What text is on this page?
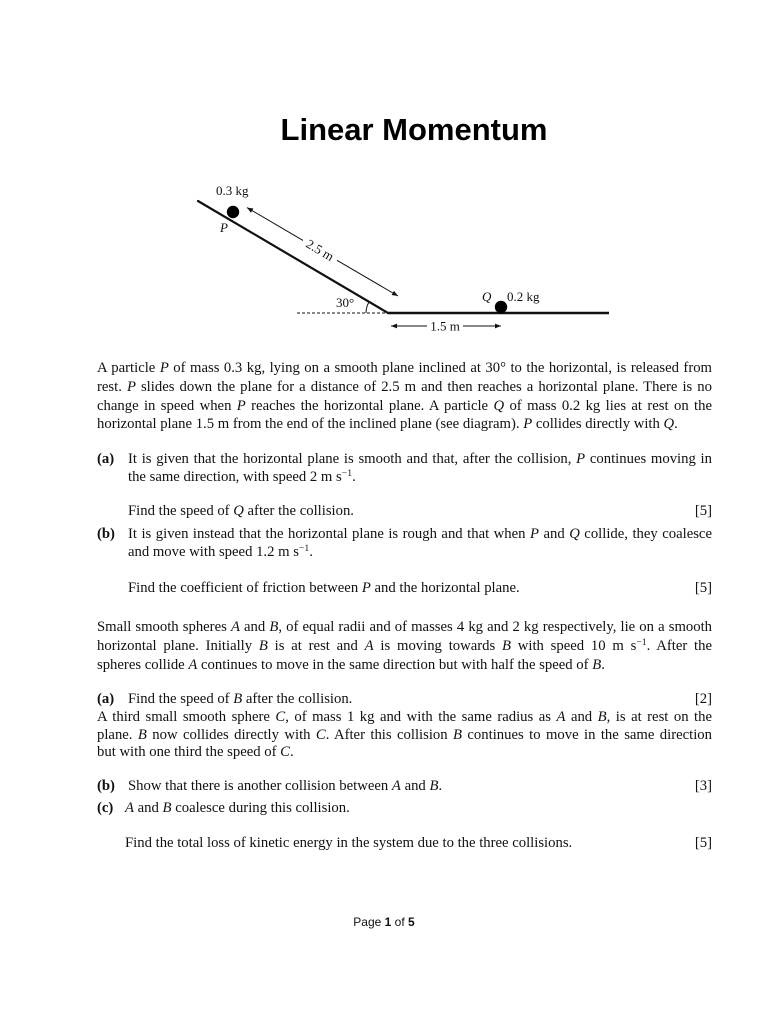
Linear Momentum
0.3 kg
P
2.5 m
30°	Q 0.2 kg
1.5 m
A particle P of mass 0.3 kg, lying on a smooth plane inclined at 30° to the horizontal, is released from
rest. P slides down the plane for a distance of 2.5 m and then reaches a horizontal plane. There is no
change in speed when P reaches the horizontal plane. A particle Q of mass 0.2 kg lies at rest on the
horizontal plane 1.5 m from the end of the inclined plane (see diagram). P collides directly with Q.
(a) It is given that the horizontal plane is smooth and that, after the collision, P continues moving in
the same direction, with speed 2 m $s^{-1}$.
Find the speed of Q after the collision.	[5]
(b) It is given instead that the horizontal plane is rough and that when P and Q collide, they coalesce
and move with speed 1.2 m $s^{-1}$.
Find the coefficient of friction between P and the horizontal plane.	[5]
Small smooth spheres A and B, of equal radii and of masses 4 kg and 2 kg respectively, lie on a smooth
horizontal plane. Initially B is at rest and A is moving towards B with speed 10 m $s^{-1}$. After the
spheres collide A continues to move in the same direction but with half the speed of B.
(a) Find the speed of B after the collision.	[2]
A third small smooth sphere C, of mass 1 kg and with the same radius as A and B, is at rest on the
plane. B now collides directly with C. After this collision B continues to move in the same direction
but with one third the speed of C.
(b) Show that there is another collision between A and B.	[3]
(c) A and B coalesce during this collision.
Find the total loss of kinetic energy in the system due to the three collisions.	[5]
Page 1 of 5
